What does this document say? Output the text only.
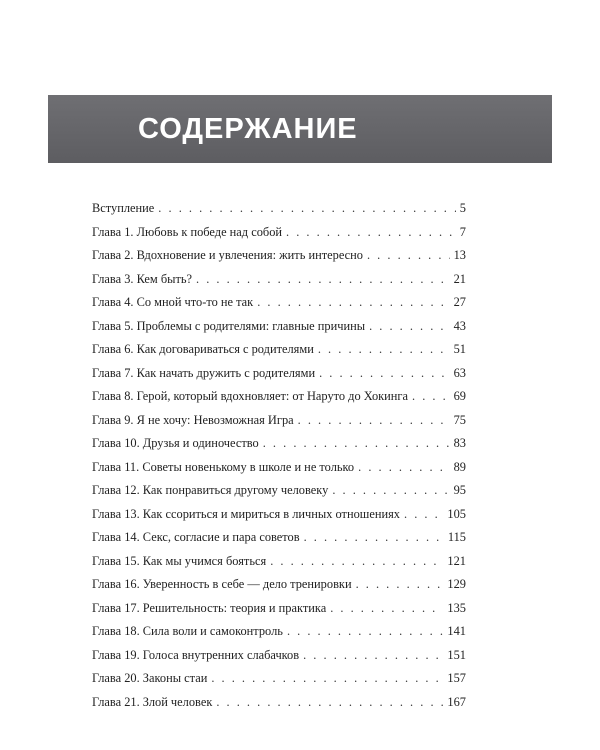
СОДЕРЖАНИЕ
Вступление . . .	5
Глава 1. Любовь к победе над собой . . .	7
Глава 2. Вдохновение и увлечения: жить интересно . . .	13
Глава 3. Кем быть? . . .	21
Глава 4. Со мной что-то не так . . .	27
Глава 5. Проблемы с родителями: главные причины . . .	43
Глава 6. Как договариваться с родителями . . .	51
Глава 7. Как начать дружить с родителями . . .	63
Глава 8. Герой, который вдохновляет: от Наруто до Хокинга . . .	69
Глава 9. Я не хочу: Невозможная Игра . . .	75
Глава 10. Друзья и одиночество . . .	83
Глава 11. Советы новенькому в школе и не только . . .	89
Глава 12. Как понравиться другому человеку . . .	95
Глава 13. Как ссориться и мириться в личных отношениях . . .	105
Глава 14. Секс, согласие и пара советов . . .	115
Глава 15. Как мы учимся бояться . . .	121
Глава 16. Уверенность в себе — дело тренировки . . .	129
Глава 17. Решительность: теория и практика . . .	135
Глава 18. Сила воли и самоконтроль . . .	141
Глава 19. Голоса внутренних слабачков . . .	151
Глава 20. Законы стаи . . .	157
Глава 21. Злой человек . . .	167
